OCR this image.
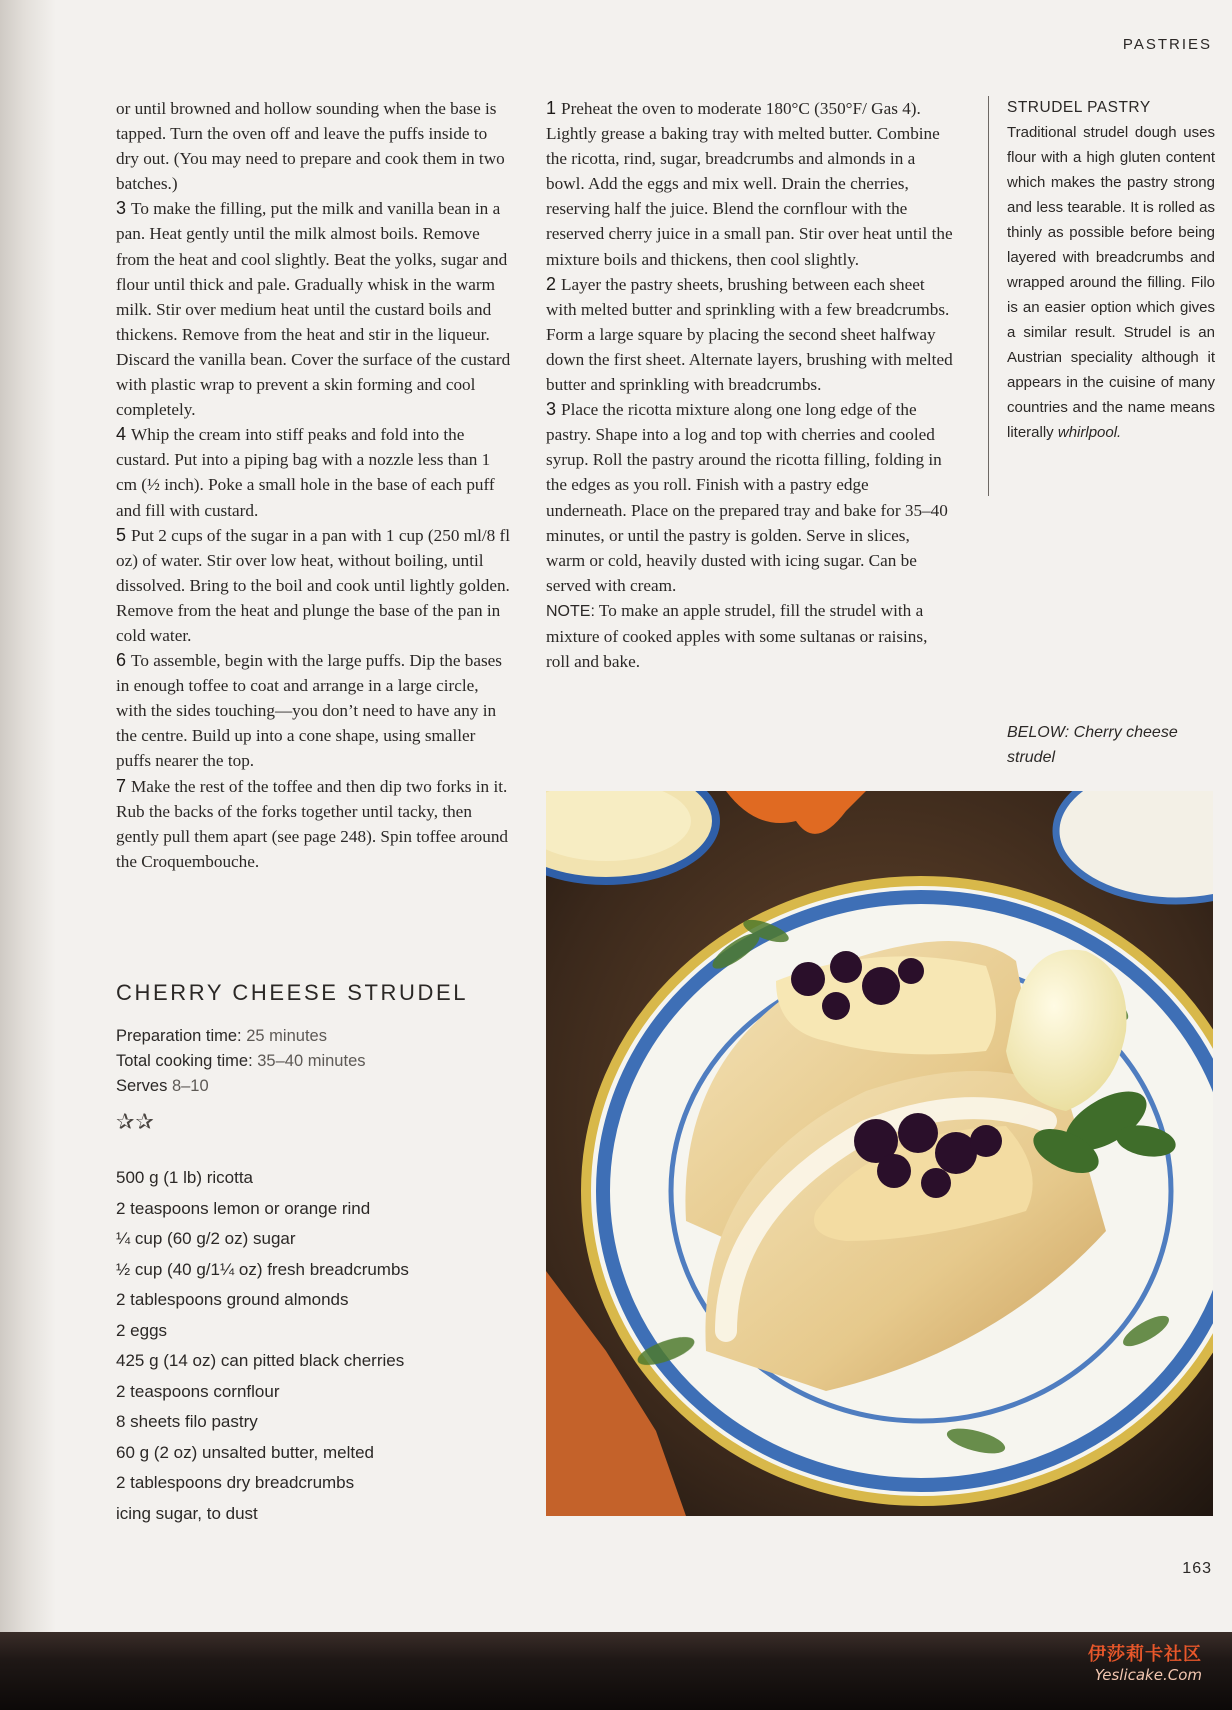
PASTRIES

or until browned and hollow sounding when the base is tapped. Turn the oven off and leave the puffs inside to dry out. (You may need to prepare and cook them in two batches.)

3 To make the filling, put the milk and vanilla bean in a pan. Heat gently until the milk almost boils. Remove from the heat and cool slightly. Beat the yolks, sugar and flour until thick and pale. Gradually whisk in the warm milk. Stir over medium heat until the custard boils and thickens. Remove from the heat and stir in the liqueur. Discard the vanilla bean. Cover the surface of the custard with plastic wrap to prevent a skin forming and cool completely.

4 Whip the cream into stiff peaks and fold into the custard. Put into a piping bag with a nozzle less than 1 cm (½ inch). Poke a small hole in the base of each puff and fill with custard.

5 Put 2 cups of the sugar in a pan with 1 cup (250 ml/8 fl oz) of water. Stir over low heat, without boiling, until dissolved. Bring to the boil and cook until lightly golden. Remove from the heat and plunge the base of the pan in cold water.

6 To assemble, begin with the large puffs. Dip the bases in enough toffee to coat and arrange in a large circle, with the sides touching—you don’t need to have any in the centre. Build up into a cone shape, using smaller puffs nearer the top.

7 Make the rest of the toffee and then dip two forks in it. Rub the backs of the forks together until tacky, then gently pull them apart (see page 248). Spin toffee around the Croquembouche.

CHERRY CHEESE STRUDEL
Preparation time: 25 minutes
Total cooking time: 35–40 minutes
Serves 8–10
✰✰
500 g (1 lb) ricotta
2 teaspoons lemon or orange rind
¼ cup (60 g/2 oz) sugar
½ cup (40 g/1¼ oz) fresh breadcrumbs
2 tablespoons ground almonds
2 eggs
425 g (14 oz) can pitted black cherries
2 teaspoons cornflour
8 sheets filo pastry
60 g (2 oz) unsalted butter, melted
2 tablespoons dry breadcrumbs
icing sugar, to dust

1 Preheat the oven to moderate 180°C (350°F/ Gas 4). Lightly grease a baking tray with melted butter. Combine the ricotta, rind, sugar, breadcrumbs and almonds in a bowl. Add the eggs and mix well. Drain the cherries, reserving half the juice. Blend the cornflour with the reserved cherry juice in a small pan. Stir over heat until the mixture boils and thickens, then cool slightly.

2 Layer the pastry sheets, brushing between each sheet with melted butter and sprinkling with a few breadcrumbs. Form a large square by placing the second sheet halfway down the first sheet. Alternate layers, brushing with melted butter and sprinkling with breadcrumbs.

3 Place the ricotta mixture along one long edge of the pastry. Shape into a log and top with cherries and cooled syrup. Roll the pastry around the ricotta filling, folding in the edges as you roll. Finish with a pastry edge underneath. Place on the prepared tray and bake for 35–40 minutes, or until the pastry is golden. Serve in slices, warm or cold, heavily dusted with icing sugar. Can be served with cream.

NOTE: To make an apple strudel, fill the strudel with a mixture of cooked apples with some sultanas or raisins, roll and bake.

STRUDEL PASTRY

Traditional strudel dough uses flour with a high gluten content which makes the pastry strong and less tearable. It is rolled as thinly as possible before being layered with breadcrumbs and wrapped around the filling. Filo is an easier option which gives a similar result. Strudel is an Austrian speciality although it appears in the cuisine of many countries and the name means literally whirlpool.

BELOW: Cherry cheese strudel
163
伊莎莉卡社区
Yeslicake.Com
